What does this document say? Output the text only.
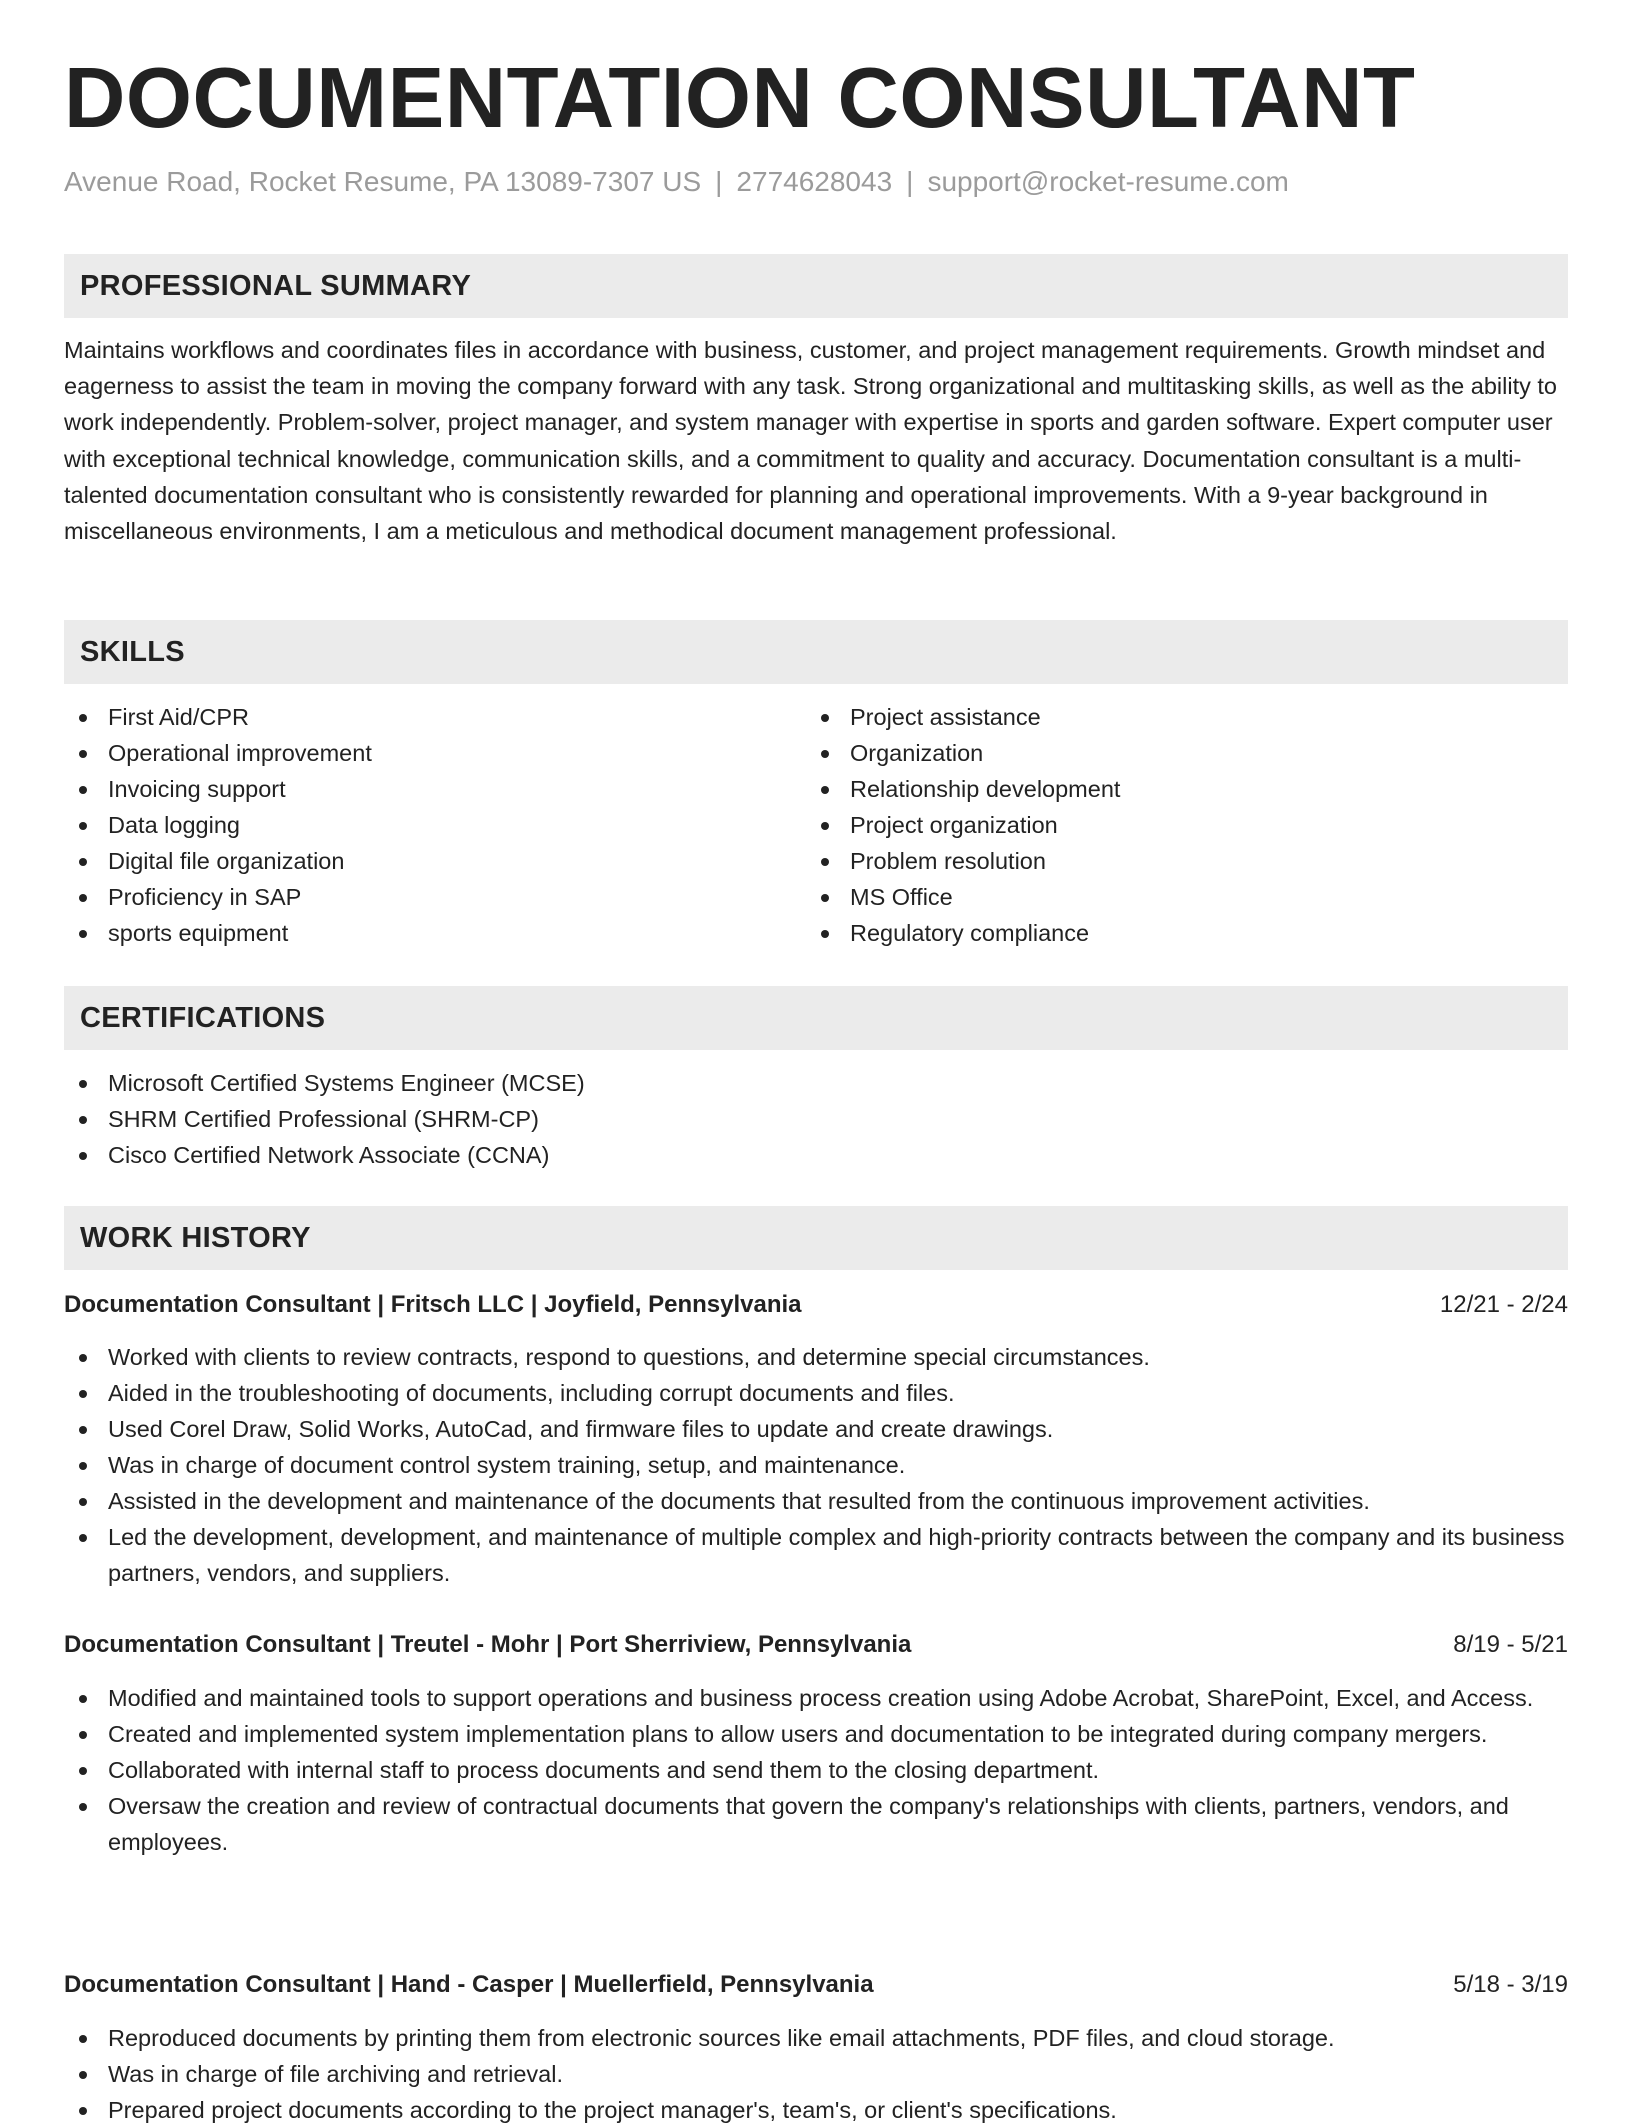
DOCUMENTATION CONSULTANT
Avenue Road, Rocket Resume, PA 13089-7307 US | 2774628043 | support@rocket-resume.com
PROFESSIONAL SUMMARY

Maintains workflows and coordinates files in accordance with business, customer, and project management requirements. Growth mindset and eagerness to assist the team in moving the company forward with any task. Strong organizational and multitasking skills, as well as the ability to work independently. Problem-solver, project manager, and system manager with expertise in sports and garden software. Expert computer user with exceptional technical knowledge, communication skills, and a commitment to quality and accuracy. Documentation consultant is a multi-talented documentation consultant who is consistently rewarded for planning and operational improvements. With a 9-year background in miscellaneous environments, I am a meticulous and methodical document management professional.

SKILLS
First Aid/CPR
Operational improvement
Invoicing support
Data logging
Digital file organization
Proficiency in SAP
sports equipment
Project assistance
Organization
Relationship development
Project organization
Problem resolution
MS Office
Regulatory compliance
CERTIFICATIONS
Microsoft Certified Systems Engineer (MCSE)
SHRM Certified Professional (SHRM-CP)
Cisco Certified Network Associate (CCNA)
WORK HISTORY
Documentation Consultant | Fritsch LLC | Joyfield, Pennsylvania	12/21 - 2/24
Worked with clients to review contracts, respond to questions, and determine special circumstances.
Aided in the troubleshooting of documents, including corrupt documents and files.
Used Corel Draw, Solid Works, AutoCad, and firmware files to update and create drawings.
Was in charge of document control system training, setup, and maintenance.
Assisted in the development and maintenance of the documents that resulted from the continuous improvement activities.
Led the development, development, and maintenance of multiple complex and high-priority contracts between the company and its business partners, vendors, and suppliers.
Documentation Consultant | Treutel - Mohr | Port Sherriview, Pennsylvania	8/19 - 5/21
Modified and maintained tools to support operations and business process creation using Adobe Acrobat, SharePoint, Excel, and Access.
Created and implemented system implementation plans to allow users and documentation to be integrated during company mergers.
Collaborated with internal staff to process documents and send them to the closing department.
Oversaw the creation and review of contractual documents that govern the company's relationships with clients, partners, vendors, and employees.
Documentation Consultant | Hand - Casper | Muellerfield, Pennsylvania	5/18 - 3/19
Reproduced documents by printing them from electronic sources like email attachments, PDF files, and cloud storage.
Was in charge of file archiving and retrieval.
Prepared project documents according to the project manager's, team's, or client's specifications.
